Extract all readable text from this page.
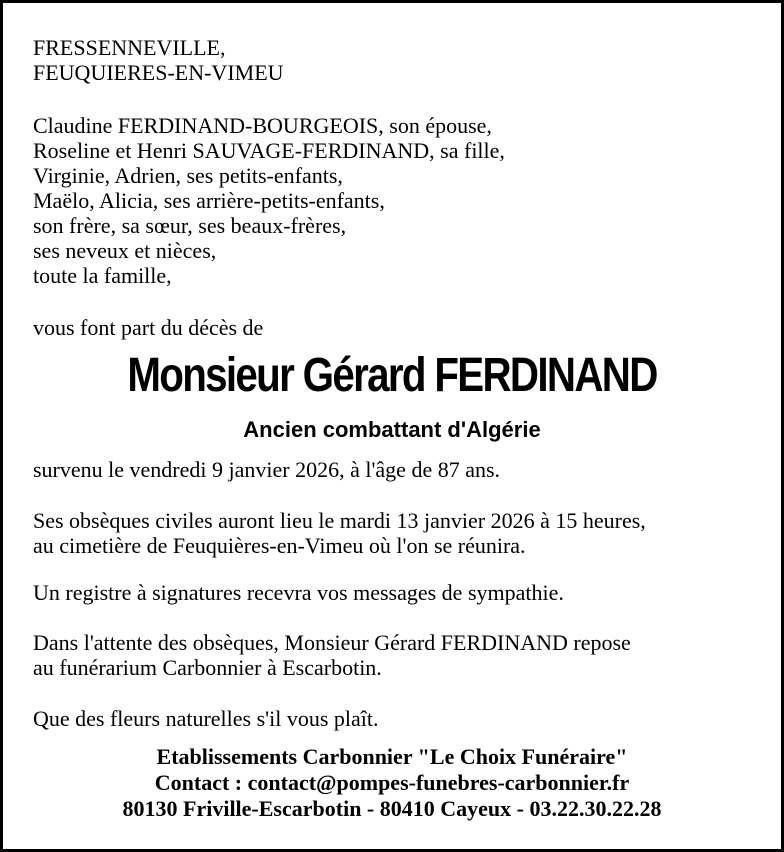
FRESSENNEVILLE,
FEUQUIERES-EN-VIMEU
Claudine FERDINAND-BOURGEOIS, son épouse,
Roseline et Henri SAUVAGE-FERDINAND, sa fille,
Virginie, Adrien, ses petits-enfants,
Maëlo, Alicia, ses arrière-petits-enfants,
son frère, sa sœur, ses beaux-frères,
ses neveux et nièces,
toute la famille,
vous font part du décès de
Monsieur Gérard FERDINAND
Ancien combattant d'Algérie
survenu le vendredi 9 janvier 2026, à l'âge de 87 ans.
Ses obsèques civiles auront lieu le mardi 13 janvier 2026 à 15 heures,
au cimetière de Feuquières-en-Vimeu où l'on se réunira.
Un registre à signatures recevra vos messages de sympathie.
Dans l'attente des obsèques, Monsieur Gérard FERDINAND repose
au funérarium Carbonnier à Escarbotin.
Que des fleurs naturelles s'il vous plaît.
Etablissements Carbonnier "Le Choix Funéraire"
Contact : contact@pompes-funebres-carbonnier.fr
80130 Friville-Escarbotin - 80410 Cayeux - 03.22.30.22.28
